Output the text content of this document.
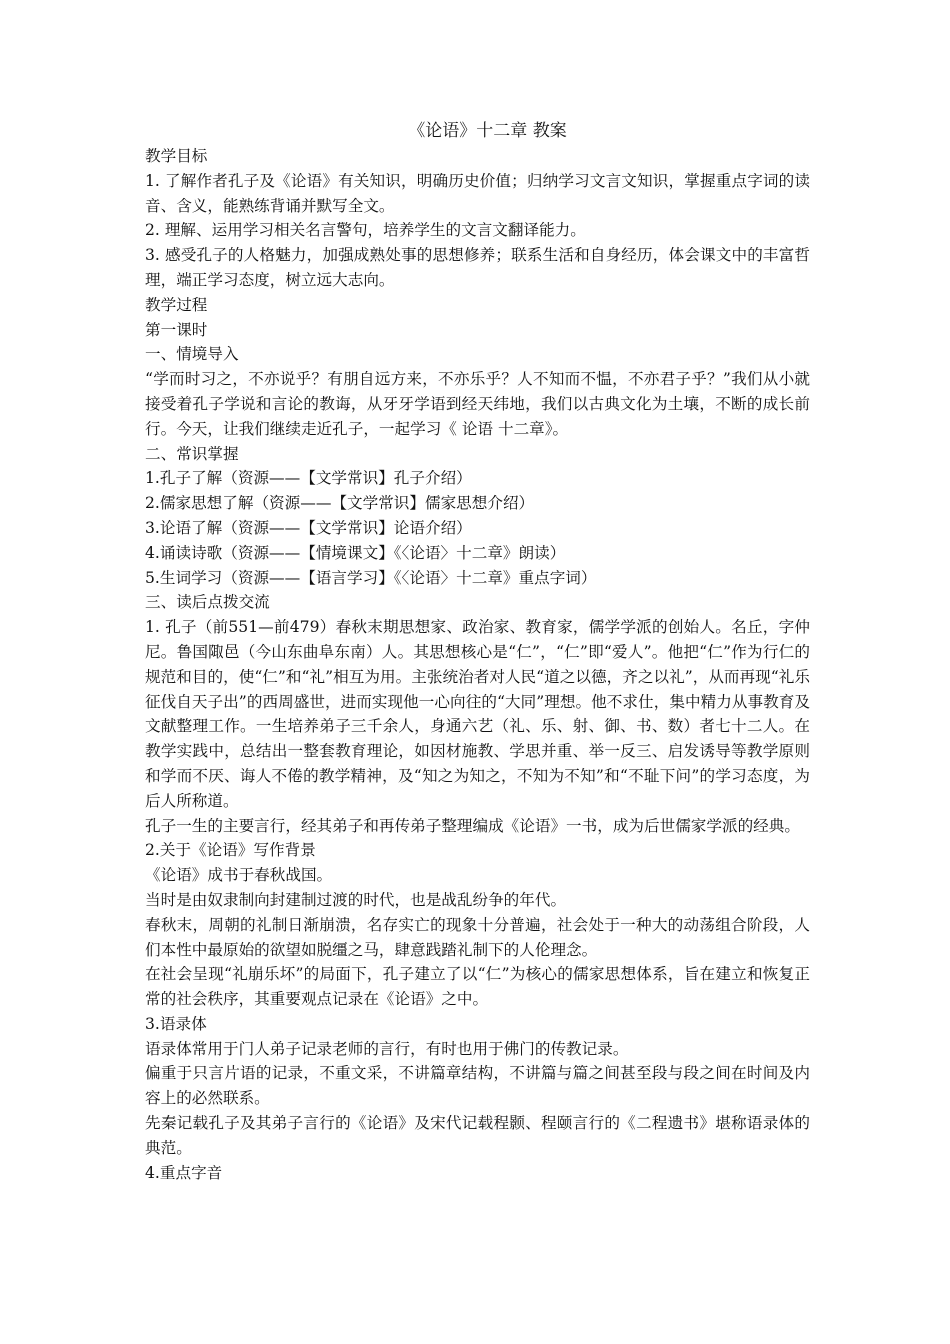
《论语》十二章 教案

教学目标

1. 了解作者孔子及《论语》有关知识，明确历史价值；归纳学习文言文知识，掌握重点字词的读音、含义，能熟练背诵并默写全文。

2. 理解、运用学习相关名言警句，培养学生的文言文翻译能力。

3. 感受孔子的人格魅力，加强成熟处事的思想修养；联系生活和自身经历，体会课文中的丰富哲理，端正学习态度，树立远大志向。

教学过程

第一课时

一、情境导入

“学而时习之，不亦说乎？有朋自远方来，不亦乐乎？人不知而不愠，不亦君子乎？”我们从小就接受着孔子学说和言论的教诲，从牙牙学语到经天纬地，我们以古典文化为土壤，不断的成长前行。今天，让我们继续走近孔子，一起学习《 论语 十二章》。

二、常识掌握

1.孔子了解（资源——【文学常识】孔子介绍）

2.儒家思想了解（资源——【文学常识】儒家思想介绍）

3.论语了解（资源——【文学常识】论语介绍）

4.诵读诗歌（资源——【情境课文】《〈论语〉十二章》朗读）

5.生词学习（资源——【语言学习】《〈论语〉十二章》重点字词）

三、读后点拨交流

1. 孔子（前551—前479）春秋末期思想家、政治家、教育家，儒学学派的创始人。名丘，字仲尼。鲁国陬邑（今山东曲阜东南）人。其思想核心是“仁”，“仁”即“爱人”。他把“仁”作为行仁的规范和目的，使“仁”和“礼”相互为用。主张统治者对人民“道之以德，齐之以礼”，从而再现“礼乐征伐自天子出”的西周盛世，进而实现他一心向往的“大同”理想。他不求仕，集中精力从事教育及文献整理工作。一生培养弟子三千余人，身通六艺（礼、乐、射、御、书、数）者七十二人。在教学实践中，总结出一整套教育理论，如因材施教、学思并重、举一反三、启发诱导等教学原则和学而不厌、诲人不倦的教学精神，及“知之为知之，不知为不知”和“不耻下问”的学习态度，为后人所称道。

孔子一生的主要言行，经其弟子和再传弟子整理编成《论语》一书，成为后世儒家学派的经典。

2.关于《论语》写作背景

《论语》成书于春秋战国。

当时是由奴隶制向封建制过渡的时代，也是战乱纷争的年代。

春秋末，周朝的礼制日渐崩溃，名存实亡的现象十分普遍，社会处于一种大的动荡组合阶段，人们本性中最原始的欲望如脱缰之马，肆意践踏礼制下的人伦理念。

在社会呈现“礼崩乐坏”的局面下，孔子建立了以“仁”为核心的儒家思想体系，旨在建立和恢复正常的社会秩序，其重要观点记录在《论语》之中。

3.语录体

语录体常用于门人弟子记录老师的言行，有时也用于佛门的传教记录。

偏重于只言片语的记录，不重文采，不讲篇章结构，不讲篇与篇之间甚至段与段之间在时间及内容上的必然联系。

先秦记载孔子及其弟子言行的《论语》及宋代记载程颢、程颐言行的《二程遗书》堪称语录体的典范。

4.重点字音
